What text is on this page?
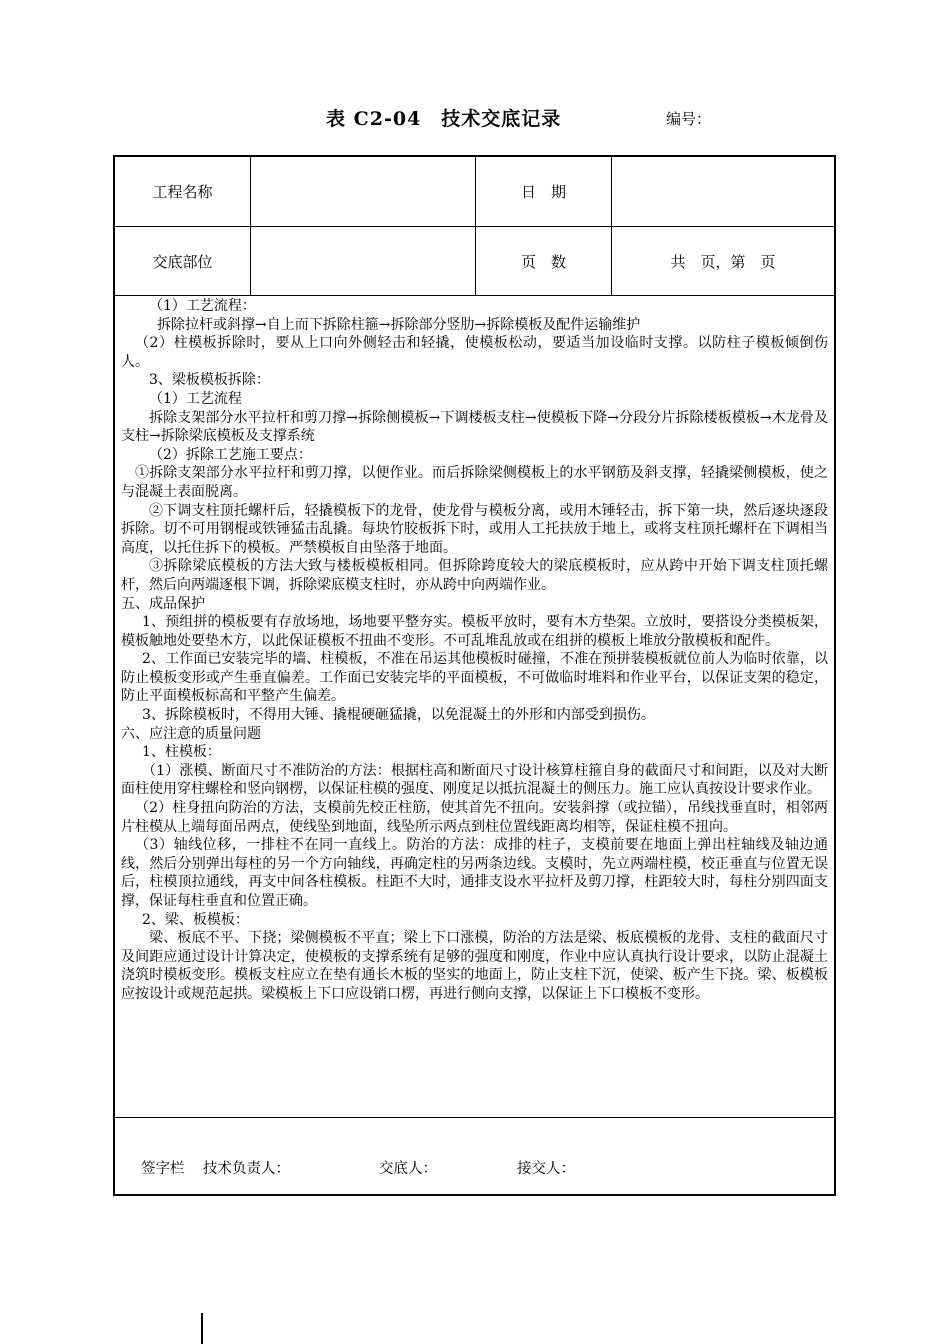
表 C2-04　技术交底记录	编号：
工程名称	日　期
交底部位	页　数	共　页，第　页

（1）工艺流程：

拆除拉杆或斜撑→自上而下拆除柱箍→拆除部分竖肋→拆除模板及配件运输维护

（2）柱模板拆除时，要从上口向外侧轻击和轻撬，使模板松动，要适当加设临时支撑。以防柱子模板倾倒伤人。

3、梁板模板拆除：

（1）工艺流程

拆除支架部分水平拉杆和剪刀撑→拆除侧模板→下调楼板支柱→使模板下降→分段分片拆除楼板模板→木龙骨及支柱→拆除梁底模板及支撑系统

（2）拆除工艺施工要点：

①拆除支架部分水平拉杆和剪刀撑，以便作业。而后拆除梁侧模板上的水平钢筋及斜支撑，轻撬梁侧模板，使之与混凝土表面脱离。

②下调支柱顶托螺杆后，轻撬模板下的龙骨，使龙骨与模板分离，或用木锤轻击，拆下第一块，然后逐块逐段拆除。切不可用钢棍或铁锤猛击乱撬。每块竹胶板拆下时，或用人工托扶放于地上，或将支柱顶托螺杆在下调相当高度，以托住拆下的模板。严禁模板自由坠落于地面。

③拆除梁底模板的方法大致与楼板模板相同。但拆除跨度较大的梁底模板时，应从跨中开始下调支柱顶托螺杆，然后向两端逐根下调，拆除梁底模支柱时，亦从跨中向两端作业。

五、成品保护

1、预组拼的模板要有存放场地，场地要平整夯实。模板平放时，要有木方垫架。立放时，要搭设分类模板架，模板触地处要垫木方，以此保证模板不扭曲不变形。不可乱堆乱放或在组拼的模板上堆放分散模板和配件。

2、工作面已安装完毕的墙、柱模板，不准在吊运其他模板时碰撞，不准在预拼装模板就位前人为临时依靠，以防止模板变形或产生垂直偏差。工作面已安装完毕的平面模板，不可做临时堆料和作业平台，以保证支架的稳定，防止平面模板标高和平整产生偏差。

3、拆除模板时，不得用大锤、撬棍硬砸猛撬，以免混凝土的外形和内部受到损伤。

六、应注意的质量问题

1、柱模板：

（1）涨模、断面尺寸不准防治的方法：根据柱高和断面尺寸设计核算柱箍自身的截面尺寸和间距，以及对大断面柱使用穿柱螺栓和竖向钢楞，以保证柱模的强度、刚度足以抵抗混凝土的侧压力。施工应认真按设计要求作业。

（2）柱身扭向防治的方法，支模前先校正柱筋，使其首先不扭向。安装斜撑（或拉锚），吊线找垂直时，相邻两片柱模从上端每面吊两点，使线坠到地面，线坠所示两点到柱位置线距离均相等，保证柱模不扭向。

（3）轴线位移，一排柱不在同一直线上。防治的方法：成排的柱子，支模前要在地面上弹出柱轴线及轴边通线，然后分别弹出每柱的另一个方向轴线，再确定柱的另两条边线。支模时，先立两端柱模，校正垂直与位置无误后，柱模顶拉通线，再支中间各柱模板。柱距不大时，通排支设水平拉杆及剪刀撑，柱距较大时，每柱分别四面支撑，保证每柱垂直和位置正确。

2、梁、板模板：

梁、板底不平、下挠；梁侧模板不平直；梁上下口涨模，防治的方法是梁、板底模板的龙骨、支柱的截面尺寸及间距应通过设计计算决定，使模板的支撑系统有足够的强度和刚度，作业中应认真执行设计要求，以防止混凝土浇筑时模板变形。模板支柱应立在垫有通长木板的坚实的地面上，防止支柱下沉，使梁、板产生下挠。梁、板模板应按设计或规范起拱。梁模板上下口应设销口楞，再进行侧向支撑，以保证上下口模板不变形。

签字栏 技术负责人：	交底人：	接交人：
